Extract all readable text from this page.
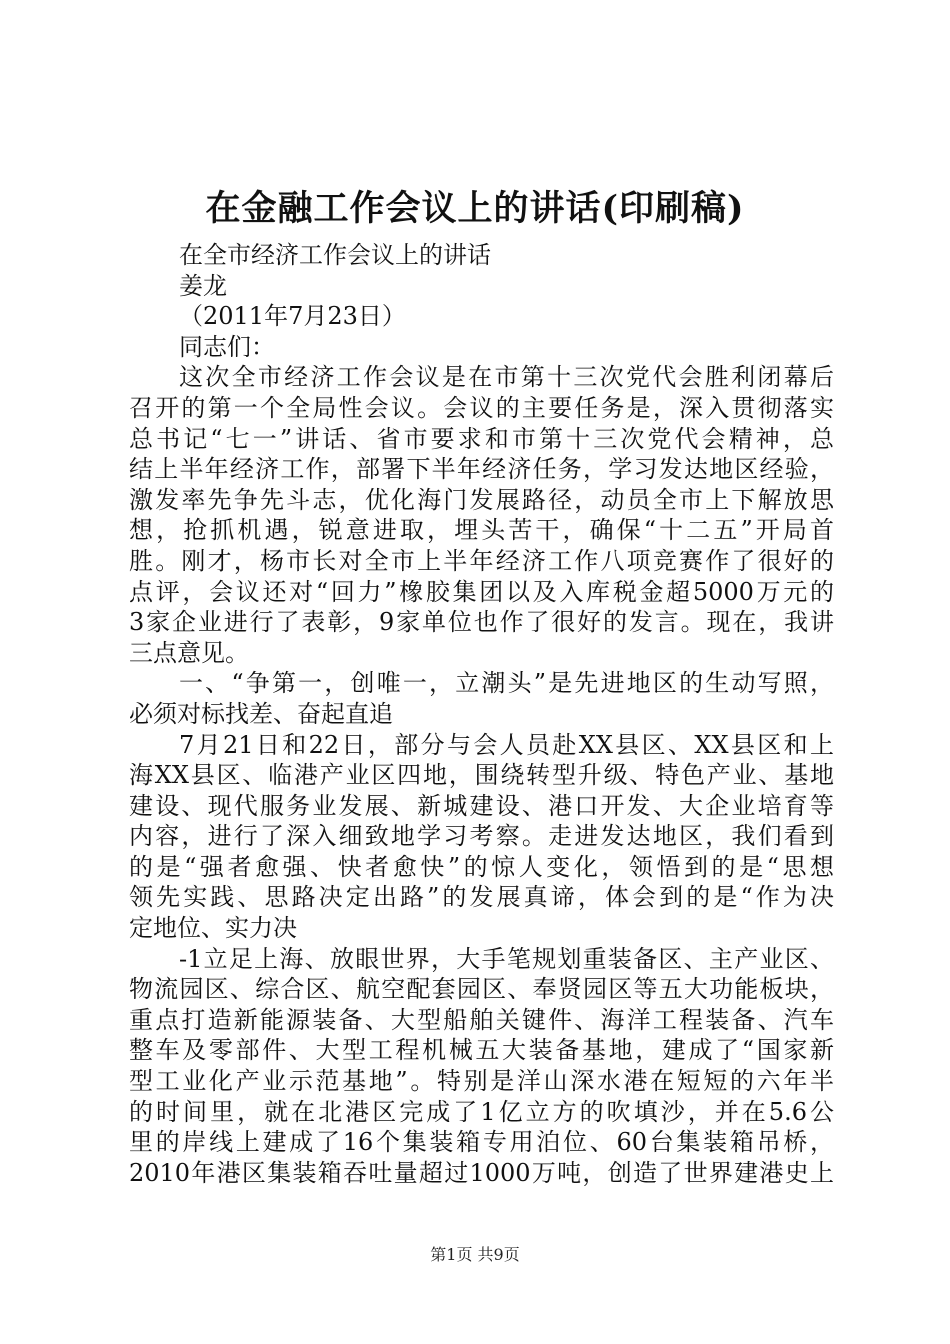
在金融工作会议上的讲话(印刷稿)

在全市经济工作会议上的讲话

姜龙

（2011年7月23日）

同志们：

这次全市经济工作会议是在市第十三次党代会胜利闭幕后

召开的第一个全局性会议。会议的主要任务是，深入贯彻落实

总书记“七一”讲话、省市要求和市第十三次党代会精神，总

结上半年经济工作，部署下半年经济任务，学习发达地区经验，

激发率先争先斗志，优化海门发展路径，动员全市上下解放思

想，抢抓机遇，锐意进取，埋头苦干，确保“十二五”开局首

胜。刚才，杨市长对全市上半年经济工作八项竞赛作了很好的

点评，会议还对“回力”橡胶集团以及入库税金超5000万元的

3家企业进行了表彰，9家单位也作了很好的发言。现在，我讲

三点意见。

一、“争第一，创唯一，立潮头”是先进地区的生动写照，

必须对标找差、奋起直追

7月21日和22日，部分与会人员赴XX县区、XX县区和上

海XX县区、临港产业区四地，围绕转型升级、特色产业、基地

建设、现代服务业发展、新城建设、港口开发、大企业培育等

内容，进行了深入细致地学习考察。走进发达地区，我们看到

的是“强者愈强、快者愈快”的惊人变化，领悟到的是“思想

领先实践、思路决定出路”的发展真谛，体会到的是“作为决

定地位、实力决

-1立足上海、放眼世界，大手笔规划重装备区、主产业区、

物流园区、综合区、航空配套园区、奉贤园区等五大功能板块，

重点打造新能源装备、大型船舶关键件、海洋工程装备、汽车

整车及零部件、大型工程机械五大装备基地，建成了“国家新

型工业化产业示范基地”。特别是洋山深水港在短短的六年半

的时间里，就在北港区完成了1亿立方的吹填沙，并在5.6公

里的岸线上建成了16个集装箱专用泊位、60台集装箱吊桥，

2010年港区集装箱吞吐量超过1000万吨，创造了世界建港史上

第1页 共9页
